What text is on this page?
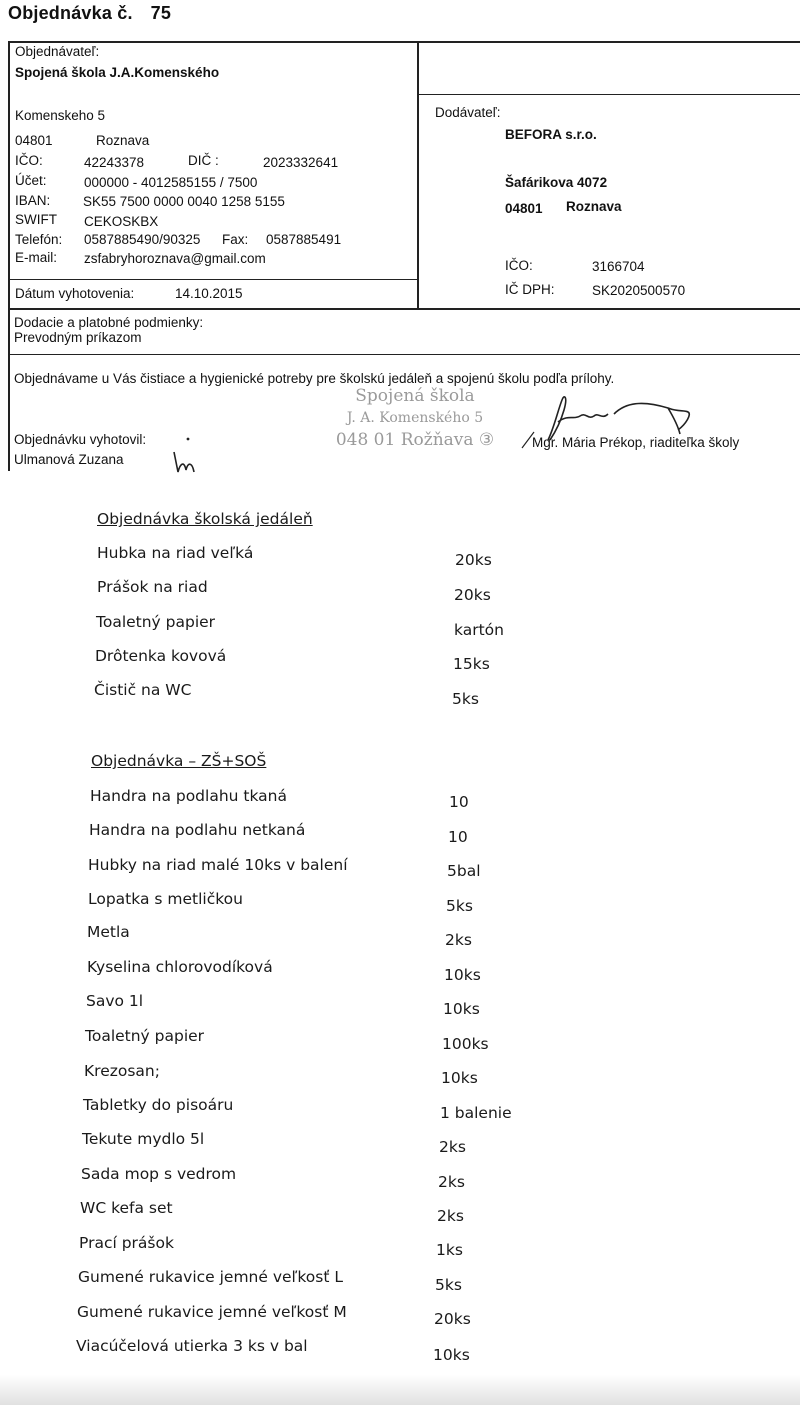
Objednávka č. 75
Objednávateľ:
Spojená škola J.A.Komenského
Komenskeho 5
04801	Roznava
IČO:	42243378	DIČ :	2023332641
Účet:	000000 - 4012585155 / 7500
IBAN: SK55 7500 0000 0040 1258 5155
SWIFT CEKOSKBX
Telefón: 0587885490/90325 Fax: 0587885491
E-mail: zsfabryhoroznava@gmail.com
Dátum vyhotovenia:	14.10.2015
Dodávateľ:
BEFORA s.r.o.
Šafárikova 4072
04801 Roznava
IČO:	3166704
IČ DPH:	SK2020500570
Dodacie a platobné podmienky:
Prevodným príkazom
Objednávame u Vás čistiace a hygienické potreby pre školskú jedáleň a spojenú školu podľa prílohy.
Objednávku vyhotovil:
Ulmanová Zuzana
Spojená škola
J. A. Komenského 5
048 01 Rožňava ③	Mgr. Mária Prékop, riaditeľka školy
Objednávka školská jedáleň
Hubka na riad veľká	20ks
Prášok na riad	20ks
Toaletný papier	kartón
Drôtenka kovová	15ks
Čistič na WC	5ks
Objednávka – ZŠ+SOŠ
Handra na podlahu tkaná	10
Handra na podlahu netkaná	10
Hubky na riad malé 10ks v balení	5bal
Lopatka s metličkou	5ks
Metla	2ks
Kyselina chlorovodíková	10ks
Savo 1l	10ks
Toaletný papier	100ks
Krezosan;	10ks
Tabletky do pisoáru	1 balenie
Tekute mydlo 5l	2ks
Sada mop s vedrom	2ks
WC kefa set	2ks
Prací prášok	1ks
Gumené rukavice jemné veľkosť L	5ks
Gumené rukavice jemné veľkosť M	20ks
Viacúčelová utierka 3 ks v bal	10ks
